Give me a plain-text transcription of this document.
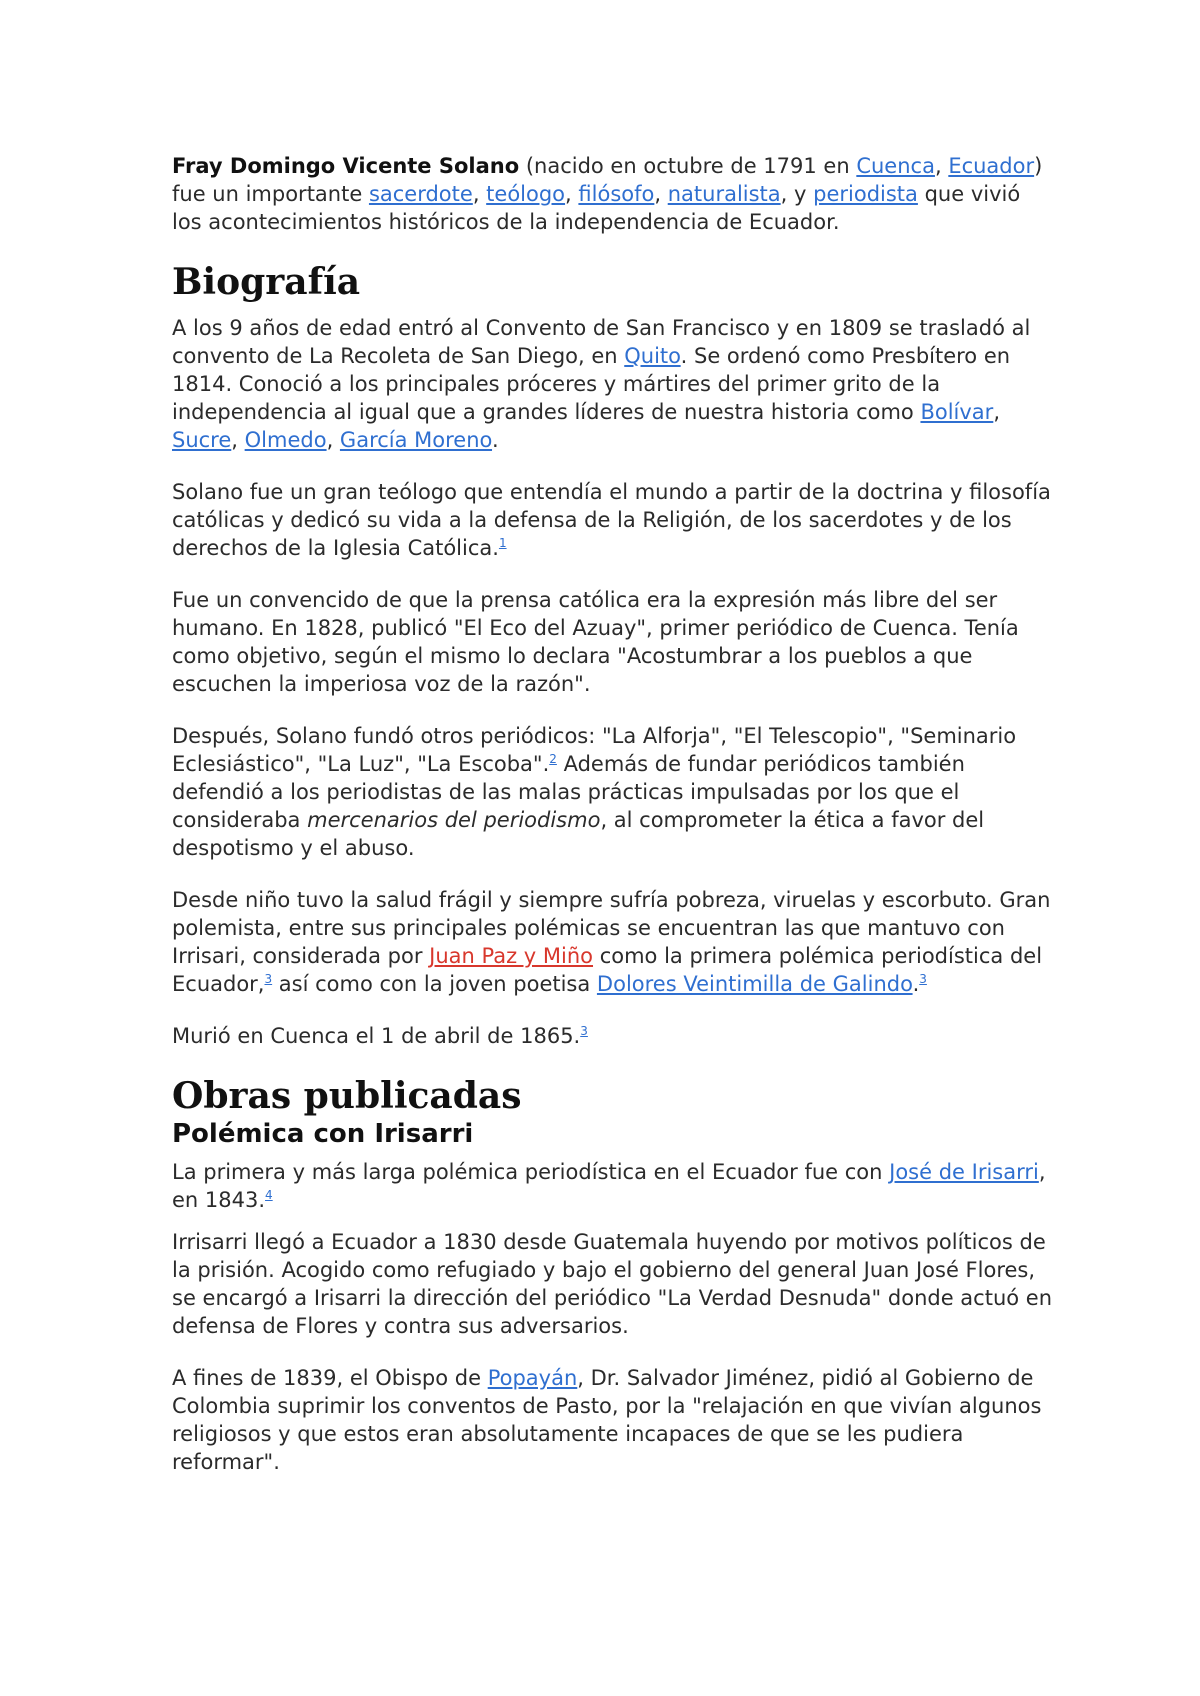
Fray Domingo Vicente Solano (nacido en octubre de 1791 en Cuenca, Ecuador) fue un importante sacerdote, teólogo, filósofo, naturalista, y periodista que vivió los acontecimientos históricos de la independencia de Ecuador.

Biografía

A los 9 años de edad entró al Convento de San Francisco y en 1809 se trasladó al convento de La Recoleta de San Diego, en Quito. Se ordenó como Presbítero en 1814. Conoció a los principales próceres y mártires del primer grito de la independencia al igual que a grandes líderes de nuestra historia como Bolívar, Sucre, Olmedo, García Moreno.

Solano fue un gran teólogo que entendía el mundo a partir de la doctrina y filosofía católicas y dedicó su vida a la defensa de la Religión, de los sacerdotes y de los derechos de la Iglesia Católica.$^1$

Fue un convencido de que la prensa católica era la expresión más libre del ser humano. En 1828, publicó "El Eco del Azuay", primer periódico de Cuenca. Tenía como objetivo, según el mismo lo declara "Acostumbrar a los pueblos a que escuchen la imperiosa voz de la razón".

Después, Solano fundó otros periódicos: "La Alforja", "El Telescopio", "Seminario Eclesiástico", "La Luz", "La Escoba".$^2$ Además de fundar periódicos también defendió a los periodistas de las malas prácticas impulsadas por los que el consideraba mercenarios del periodismo, al comprometer la ética a favor del despotismo y el abuso.

Desde niño tuvo la salud frágil y siempre sufría pobreza, viruelas y escorbuto. Gran polemista, entre sus principales polémicas se encuentran las que mantuvo con Irrisari, considerada por Juan Paz y Miño como la primera polémica periodística del Ecuador,$^3$ así como con la joven poetisa Dolores Veintimilla de Galindo.$^3$

Murió en Cuenca el 1 de abril de 1865.$^3$

Obras publicadas
Polémica con Irisarri

La primera y más larga polémica periodística en el Ecuador fue con José de Irisarri, en 1843.$^4$

Irrisarri llegó a Ecuador a 1830 desde Guatemala huyendo por motivos políticos de la prisión. Acogido como refugiado y bajo el gobierno del general Juan José Flores, se encargó a Irisarri la dirección del periódico "La Verdad Desnuda" donde actuó en defensa de Flores y contra sus adversarios.

A fines de 1839, el Obispo de Popayán, Dr. Salvador Jiménez, pidió al Gobierno de Colombia suprimir los conventos de Pasto, por la "relajación en que vivían algunos religiosos y que estos eran absolutamente incapaces de que se les pudiera reformar".
